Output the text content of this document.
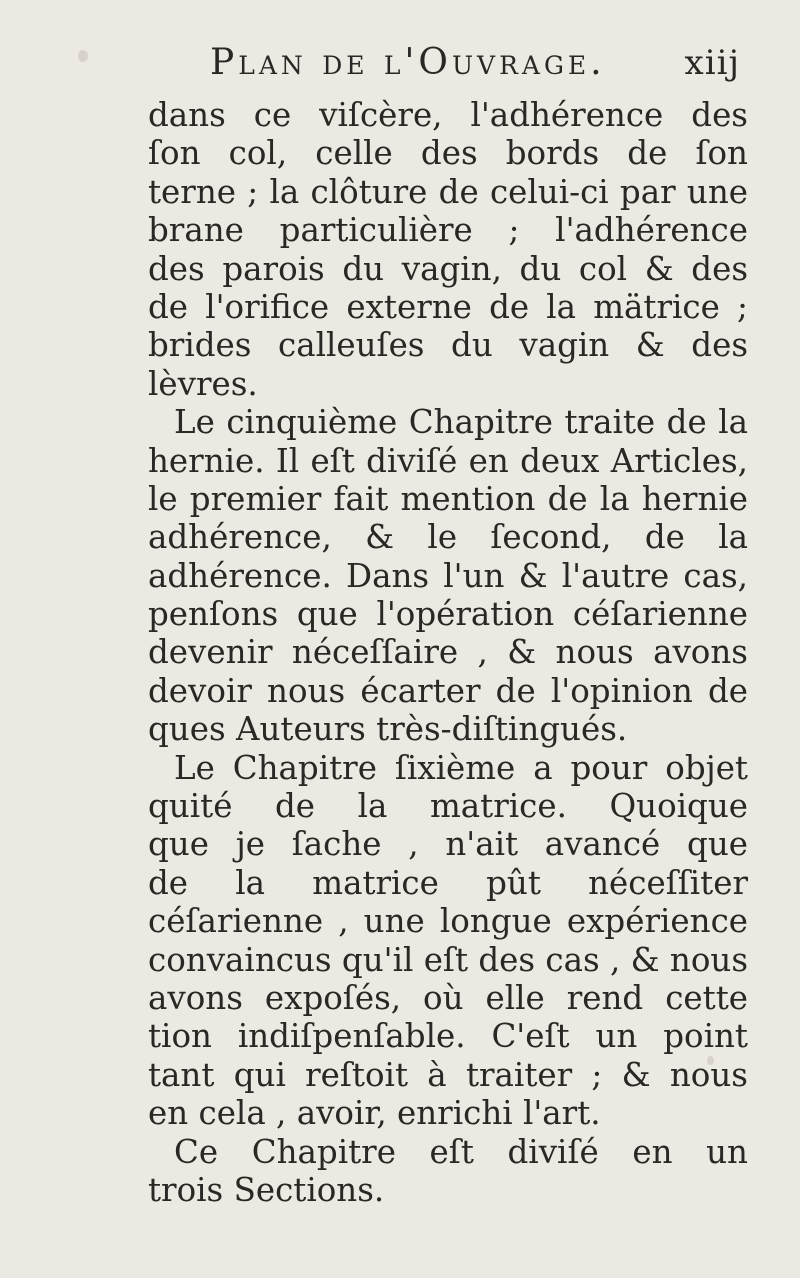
Plan de l'Ouvrage. xiij
dans ce viſcère, l'adhérence des
ſon col, celle des bords de ſon
terne ; la clôture de celui-ci par une
brane particulière ; l'adhérence
des parois du vagin, du col & des
de l'orifice externe de la mätrice ;
brides calleuſes du vagin & des
lèvres.
Le cinquième Chapitre traite de la
hernie. Il eſt diviſé en deux Articles,
le premier fait mention de la hernie
adhérence, & le ſecond, de la
adhérence. Dans l'un & l'autre cas,
penſons que l'opération céſarienne
devenir néceſſaire , & nous avons
devoir nous écarter de l'opinion de
ques Auteurs très-diſtingués.
Le Chapitre ſixième a pour objet
quité de la matrice. Quoique
que je ſache , n'ait avancé que
de la matrice pût néceſſiter
céſarienne , une longue expérience
convaincus qu'il eſt des cas , & nous
avons expoſés, où elle rend cette
tion indiſpenſable. C'eſt un point
tant qui reſtoit à traiter ; & nous
en cela , avoir, enrichi l'art.
Ce Chapitre eſt diviſé en un
trois Sections.
